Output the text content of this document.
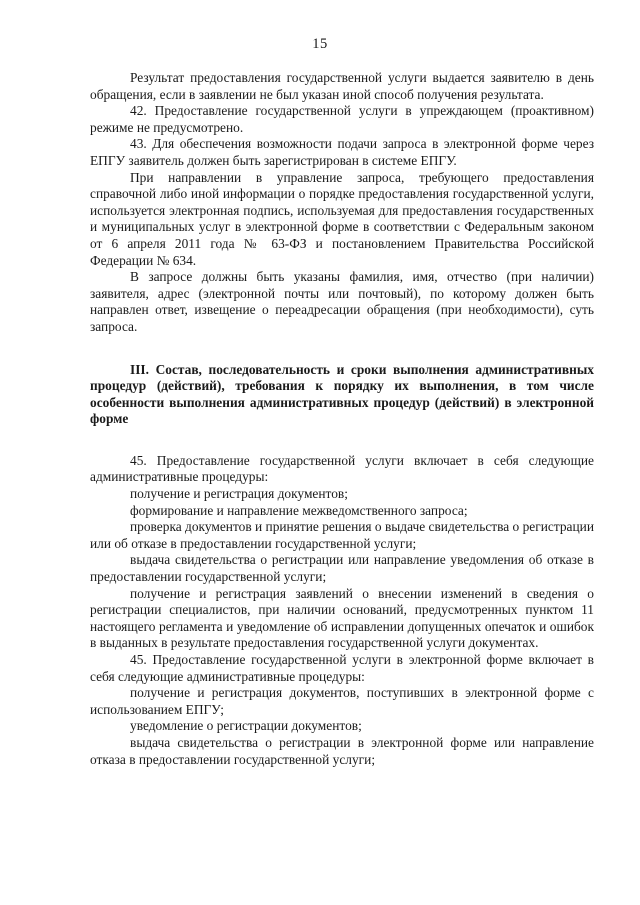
15

Результат предоставления государственной услуги выдается заявителю в день обращения, если в заявлении не был указан иной способ получения результата.

42. Предоставление государственной услуги в упреждающем (проактивном) режиме не предусмотрено.

43. Для обеспечения возможности подачи запроса в электронной форме через ЕПГУ заявитель должен быть зарегистрирован в системе ЕПГУ.

При направлении в управление запроса, требующего предоставления справочной либо иной информации о порядке предоставления государственной услуги, используется электронная подпись, используемая для предоставления государственных и муниципальных услуг в электронной форме в соответствии с Федеральным законом от 6 апреля 2011 года № 63-ФЗ и постановлением Правительства Российской Федерации № 634.

В запросе должны быть указаны фамилия, имя, отчество (при наличии) заявителя, адрес (электронной почты или почтовый), по которому должен быть направлен ответ, извещение о переадресации обращения (при необходимости), суть запроса.

III. Состав, последовательность и сроки выполнения административных процедур (действий), требования к порядку их выполнения, в том числе особенности выполнения административных процедур (действий) в электронной форме

45. Предоставление государственной услуги включает в себя следующие административные процедуры:

получение и регистрация документов;

формирование и направление межведомственного запроса;

проверка документов и принятие решения о выдаче свидетельства о регистрации или об отказе в предоставлении государственной услуги;

выдача свидетельства о регистрации или направление уведомления об отказе в предоставлении государственной услуги;

получение и регистрация заявлений о внесении изменений в сведения о регистрации специалистов, при наличии оснований, предусмотренных пунктом 11 настоящего регламента и уведомление об исправлении допущенных опечаток и ошибок в выданных в результате предоставления государственной услуги документах.

45. Предоставление государственной услуги в электронной форме включает в себя следующие административные процедуры:

получение и регистрация документов, поступивших в электронной форме с использованием ЕПГУ;

уведомление о регистрации документов;

выдача свидетельства о регистрации в электронной форме или направление отказа в предоставлении государственной услуги;
